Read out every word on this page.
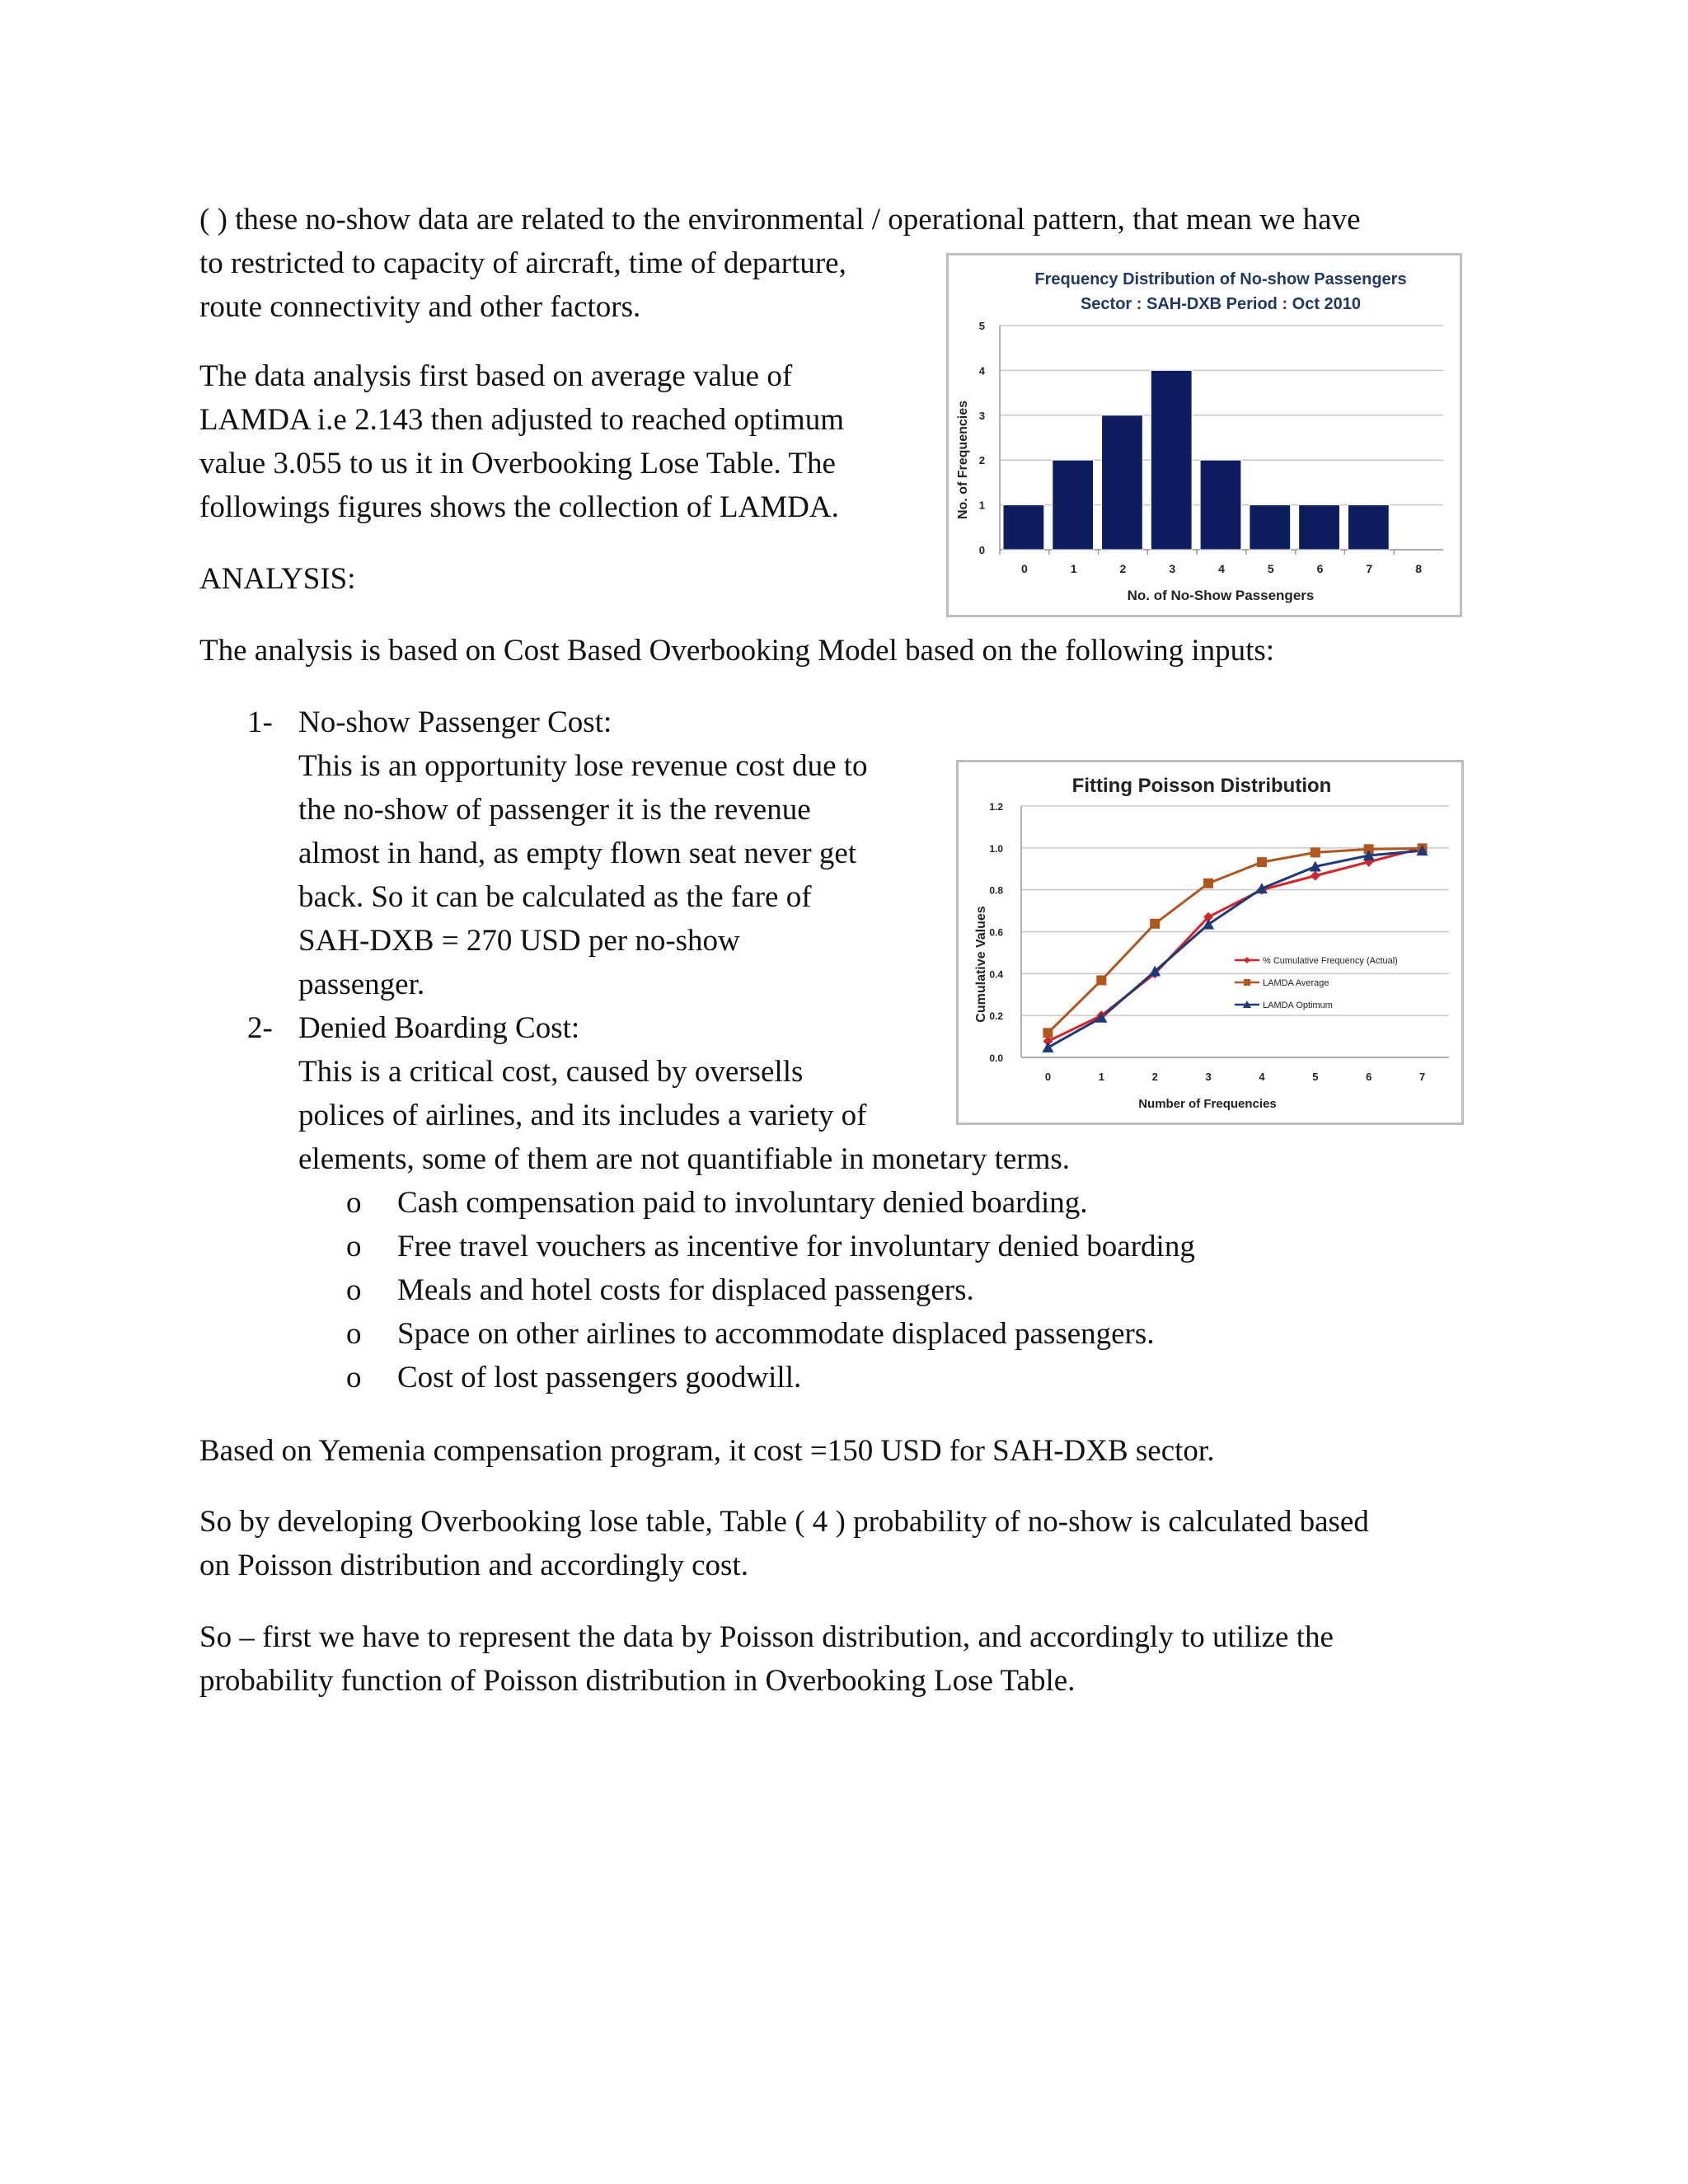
( ) these no-show data are related to the environmental / operational pattern, that mean we have
to restricted to capacity of aircraft, time of departure,
route connectivity and other factors.
The data analysis first based on average value of
LAMDA i.e 2.143 then adjusted to reached optimum
value 3.055 to us it in Overbooking Lose Table. The
followings figures shows the collection of LAMDA.
ANALYSIS:
The analysis is based on Cost Based Overbooking Model based on the following inputs:
1- No-show Passenger Cost:
This is an opportunity lose revenue cost due to
the no-show of passenger it is the revenue
almost in hand, as empty flown seat never get
back. So it can be calculated as the fare of
SAH-DXB = 270 USD per no-show
passenger.
2- Denied Boarding Cost:
This is a critical cost, caused by oversells
polices of airlines, and its includes a variety of
elements, some of them are not quantifiable in monetary terms.
o Cash compensation paid to involuntary denied boarding.
o Free travel vouchers as incentive for involuntary denied boarding
o Meals and hotel costs for displaced passengers.
o Space on other airlines to accommodate displaced passengers.
o Cost of lost passengers goodwill.
Based on Yemenia compensation program, it cost =150 USD for SAH-DXB sector.
So by developing Overbooking lose table, Table ( 4 ) probability of no-show is calculated based
on Poisson distribution and accordingly cost.
So – first we have to represent the data by Poisson distribution, and accordingly to utilize the
probability function of Poisson distribution in Overbooking Lose Table.
Frequency Distribution of No-show Passengers
Sector : SAH-DXB Period : Oct 2010
No. of Frequencies
No. of No-Show Passengers
0
1
2
3
4
5
0	1	2	3	4	5	6	7	8
Fitting Poisson Distribution
Cumulative Values
Number of Frequencies
0.0
0.2
0.4
0.6
0.8
1.0
1.2
0	1	2	3	4	5	6	7
% Cumulative Frequency (Actual)
LAMDA Average
LAMDA Optimum
